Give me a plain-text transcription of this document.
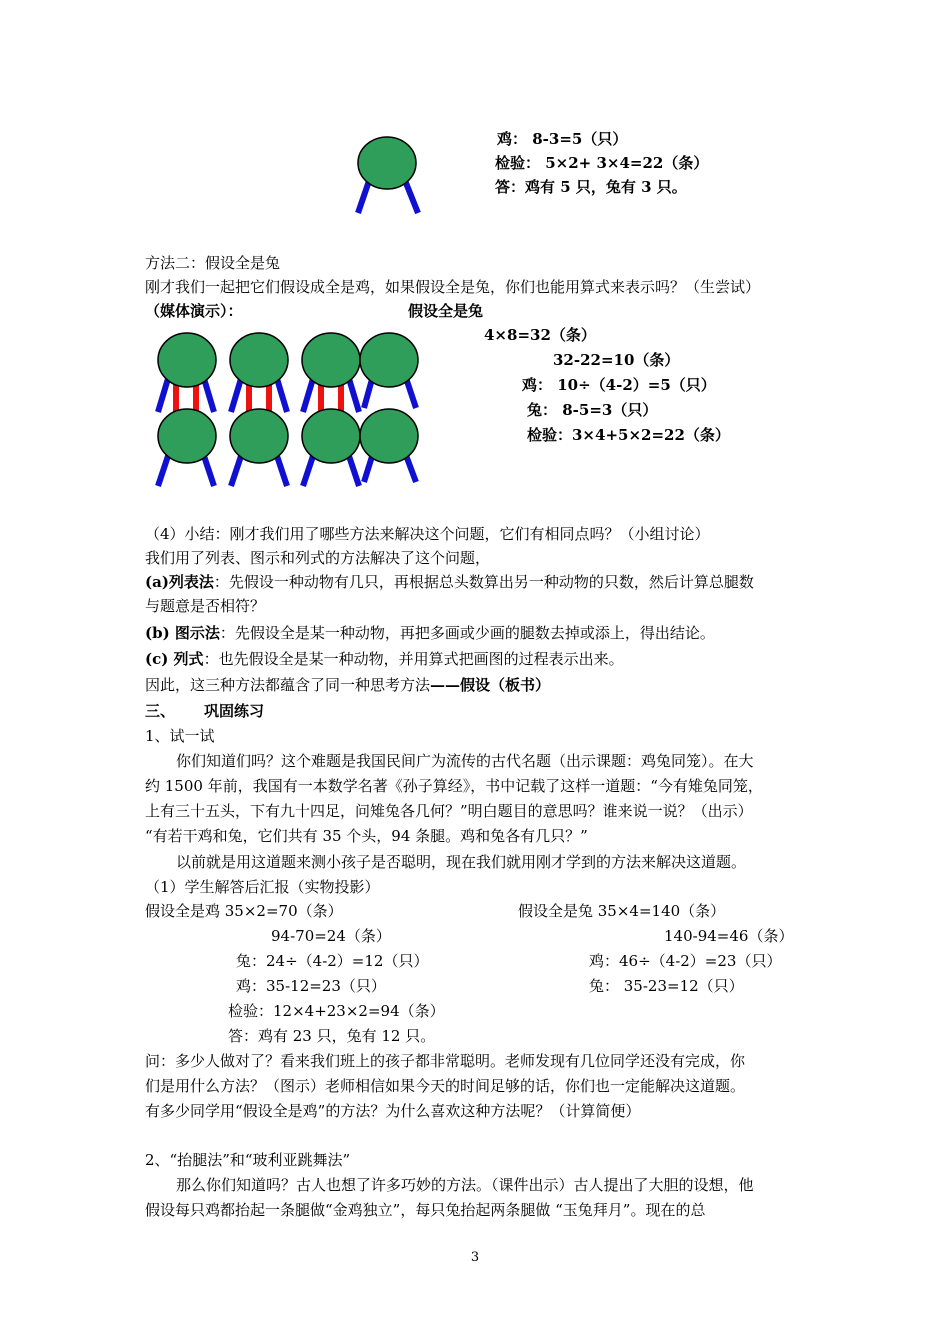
鸡： 8-3=5（只）
检验： 5×2+ 3×4=22（条）
答：鸡有 5 只，兔有 3 只。
方法二：假设全是兔
刚才我们一起把它们假设成全是鸡，如果假设全是兔，你们也能用算式来表示吗？（生尝试）
（媒体演示）：	假设全是兔
4×8=32（条）
32-22=10（条）
鸡： 10÷（4-2）=5（只）
兔： 8-5=3（只）
检验：3×4+5×2=22（条）
（4）小结：刚才我们用了哪些方法来解决这个问题，它们有相同点吗？（小组讨论）
我们用了列表、图示和列式的方法解决了这个问题，
(a)列表法：先假设一种动物有几只，再根据总头数算出另一种动物的只数，然后计算总腿数
与题意是否相符？
(b) 图示法：先假设全是某一种动物，再把多画或少画的腿数去掉或添上，得出结论。
(c) 列式：也先假设全是某一种动物，并用算式把画图的过程表示出来。
因此，这三种方法都蕴含了同一种思考方法——假设（板书）
三、 巩固练习
1、试一试
你们知道们吗？这个难题是我国民间广为流传的古代名题（出示课题：鸡兔同笼）。在大
约 1500 年前，我国有一本数学名著《孙子算经》，书中记载了这样一道题：“今有雉兔同笼，
上有三十五头，下有九十四足，问雉兔各几何？”明白题目的意思吗？谁来说一说？（出示）
“有若干鸡和兔，它们共有 35 个头，94 条腿。鸡和兔各有几只？”
以前就是用这道题来测小孩子是否聪明，现在我们就用刚才学到的方法来解决这道题。
（1）学生解答后汇报（实物投影）
假设全是鸡 35×2=70（条）
94-70=24（条）
兔：24÷（4-2）=12（只）
鸡：35-12=23（只）
检验：12×4+23×2=94（条）
答：鸡有 23 只，兔有 12 只。
假设全是兔 35×4=140（条）
140-94=46（条）
鸡：46÷（4-2）=23（只）
兔： 35-23=12（只）
问：多少人做对了？看来我们班上的孩子都非常聪明。老师发现有几位同学还没有完成，你
们是用什么方法？（图示）老师相信如果今天的时间足够的话，你们也一定能解决这道题。
有多少同学用“假设全是鸡”的方法？为什么喜欢这种方法呢？（计算简便）
2、“抬腿法”和“玻利亚跳舞法”
那么你们知道吗？古人也想了许多巧妙的方法。（课件出示）古人提出了大胆的设想，他
假设每只鸡都抬起一条腿做“金鸡独立”，每只兔抬起两条腿做 “玉兔拜月”。现在的总
3
